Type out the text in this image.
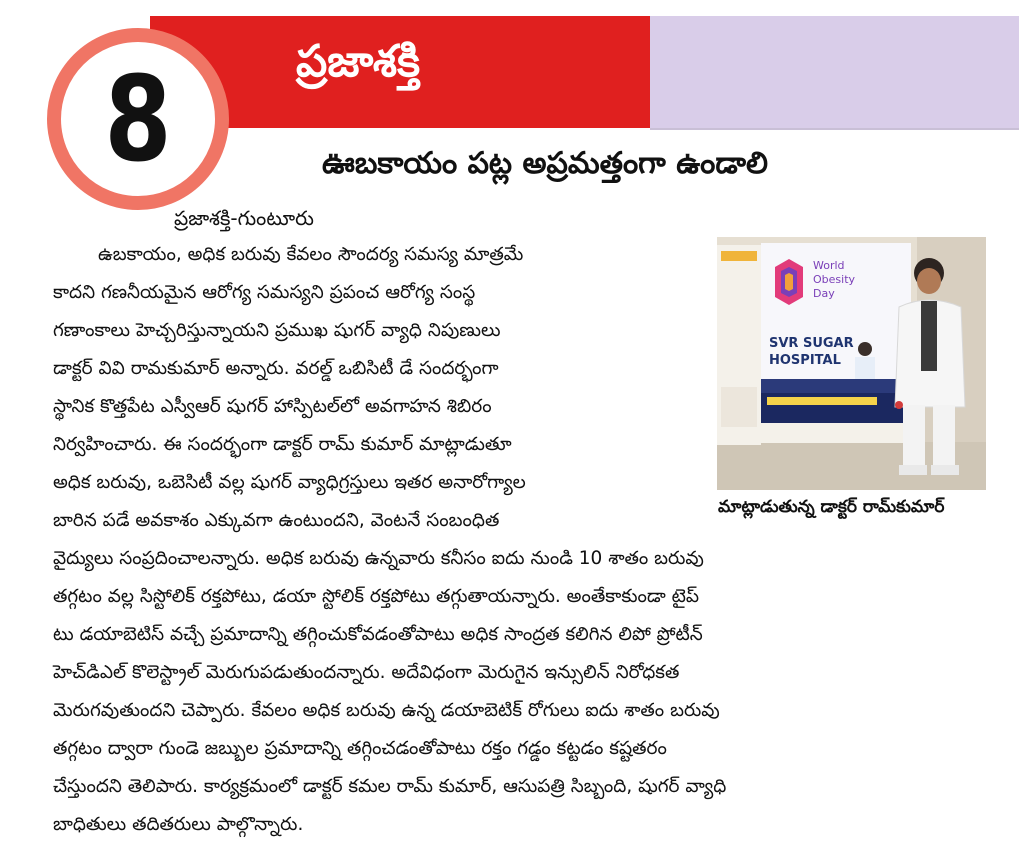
8	ప్రజాశక్తి
ఊబకాయం పట్ల అప్రమత్తంగా ఉండాలి
ప్రజాశక్తి-గుంటూరు
ఉబకాయం, అధిక బరువు కేవలం సౌందర్య సమస్య మాత్రమే
కాదని గణనీయమైన ఆరోగ్య సమస్యని ప్రపంచ ఆరోగ్య సంస్థ
గణాంకాలు హెచ్చరిస్తున్నాయని ప్రముఖ షుగర్ వ్యాధి నిపుణులు
డాక్టర్ వివి రామకుమార్ అన్నారు. వరల్డ్ ఒబిసిటీ డే సందర్భంగా
స్థానిక కొత్తపేట ఎస్వీఆర్ షుగర్ హాస్పిటల్‌లో అవగాహన శిబిరం
నిర్వహించారు. ఈ సందర్భంగా డాక్టర్ రామ్ కుమార్ మాట్లాడుతూ
అధిక బరువు, ఒబెసిటీ వల్ల షుగర్ వ్యాధిగ్రస్తులు ఇతర అనారోగ్యాల
బారిన పడే అవకాశం ఎక్కువగా ఉంటుందని, వెంటనే సంబంధిత
వైద్యులు సంప్రదించాలన్నారు. అధిక బరువు ఉన్నవారు కనీసం ఐదు నుండి 10 శాతం బరువు
తగ్గటం వల్ల సిస్టోలిక్ రక్తపోటు, డయా స్టోలిక్ రక్తపోటు తగ్గుతాయన్నారు. అంతేకాకుండా టైప్
టు డయాబెటిస్ వచ్చే ప్రమాదాన్ని తగ్గించుకోవడంతోపాటు అధిక సాంద్రత కలిగిన లిపో ప్రోటీన్
హెచ్‌డిఎల్ కొలెస్ట్రాల్ మెరుగుపడుతుందన్నారు. అదేవిధంగా మెరుగైన ఇన్సులిన్ నిరోధకత
మెరుగవుతుందని చెప్పారు. కేవలం అధిక బరువు ఉన్న డయాబెటిక్ రోగులు ఐదు శాతం బరువు
తగ్గటం ద్వారా గుండె జబ్బుల ప్రమాదాన్ని తగ్గించడంతోపాటు రక్తం గడ్డం కట్టడం కష్టతరం
చేస్తుందని తెలిపారు. కార్యక్రమంలో డాక్టర్ కమల రామ్ కుమార్, ఆసుపత్రి సిబ్బంది, షుగర్ వ్యాధి
బాధితులు తదితరులు పాల్గొన్నారు.
World
Obesity
Day
SVR SUGAR
HOSPITAL
మాట్లాడుతున్న డాక్టర్ రామ్‌కుమార్
